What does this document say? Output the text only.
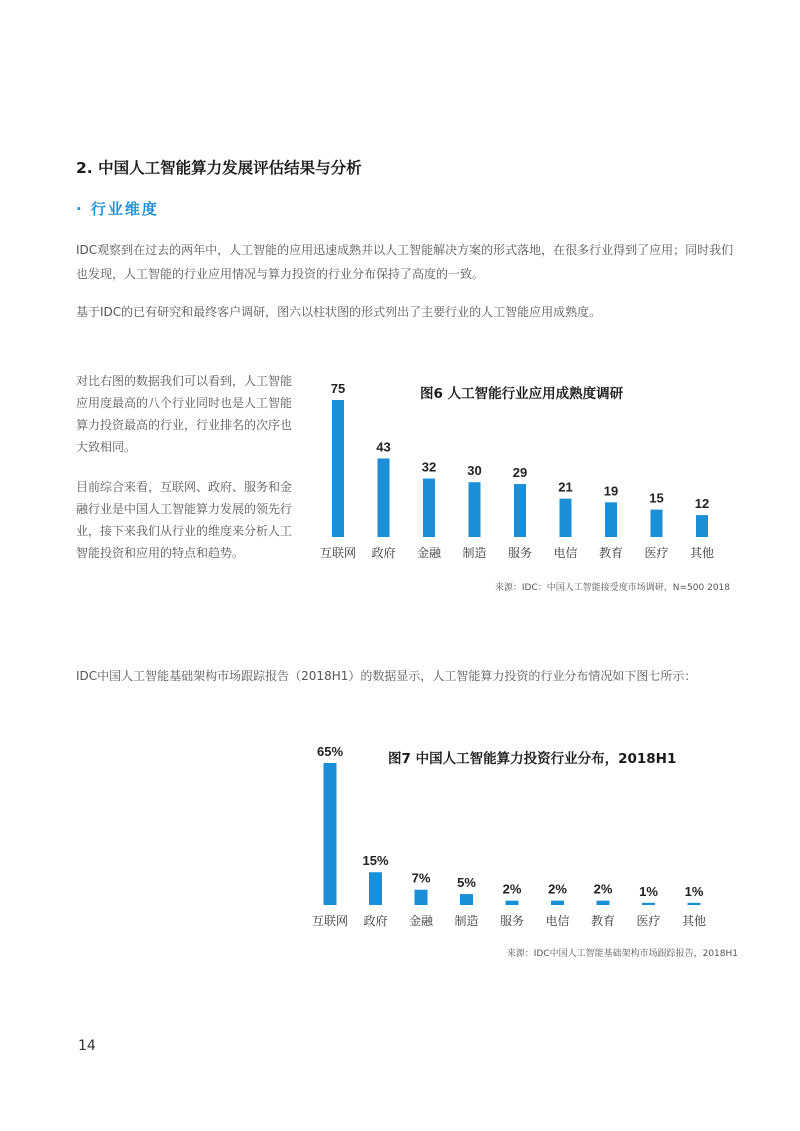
2. 中国人工智能算力发展评估结果与分析
· 行业维度
IDC观察到在过去的两年中，人工智能的应用迅速成熟并以人工智能解决方案的形式落地，在很多行业得到了应用；同时我们也发现，人工智能的行业应用情况与算力投资的行业分布保持了高度的一致。
基于IDC的已有研究和最终客户调研，图六以柱状图的形式列出了主要行业的人工智能应用成熟度。
对比右图的数据我们可以看到，人工智能应用度最高的八个行业同时也是人工智能算力投资最高的行业，行业排名的次序也大致相同。
目前综合来看，互联网、政府、服务和金融行业是中国人工智能算力发展的领先行业，接下来我们从行业的维度来分析人工智能投资和应用的特点和趋势。
图6 人工智能行业应用成熟度调研
75
互联网
43
政府
32
金融
30
制造
29
服务
21
电信
19
教育
15
医疗
12
其他
来源：IDC：中国人工智能接受度市场调研，N=500 2018
IDC中国人工智能基础架构市场跟踪报告（2018H1）的数据显示，人工智能算力投资的行业分布情况如下图七所示：
图7 中国人工智能算力投资行业分布，2018H1
65%
互联网
15%
政府
7%
金融
5%
制造
2%
服务
2%
电信
2%
教育
1%
医疗
1%
其他
来源：IDC中国人工智能基础架构市场跟踪报告，2018H1
14
